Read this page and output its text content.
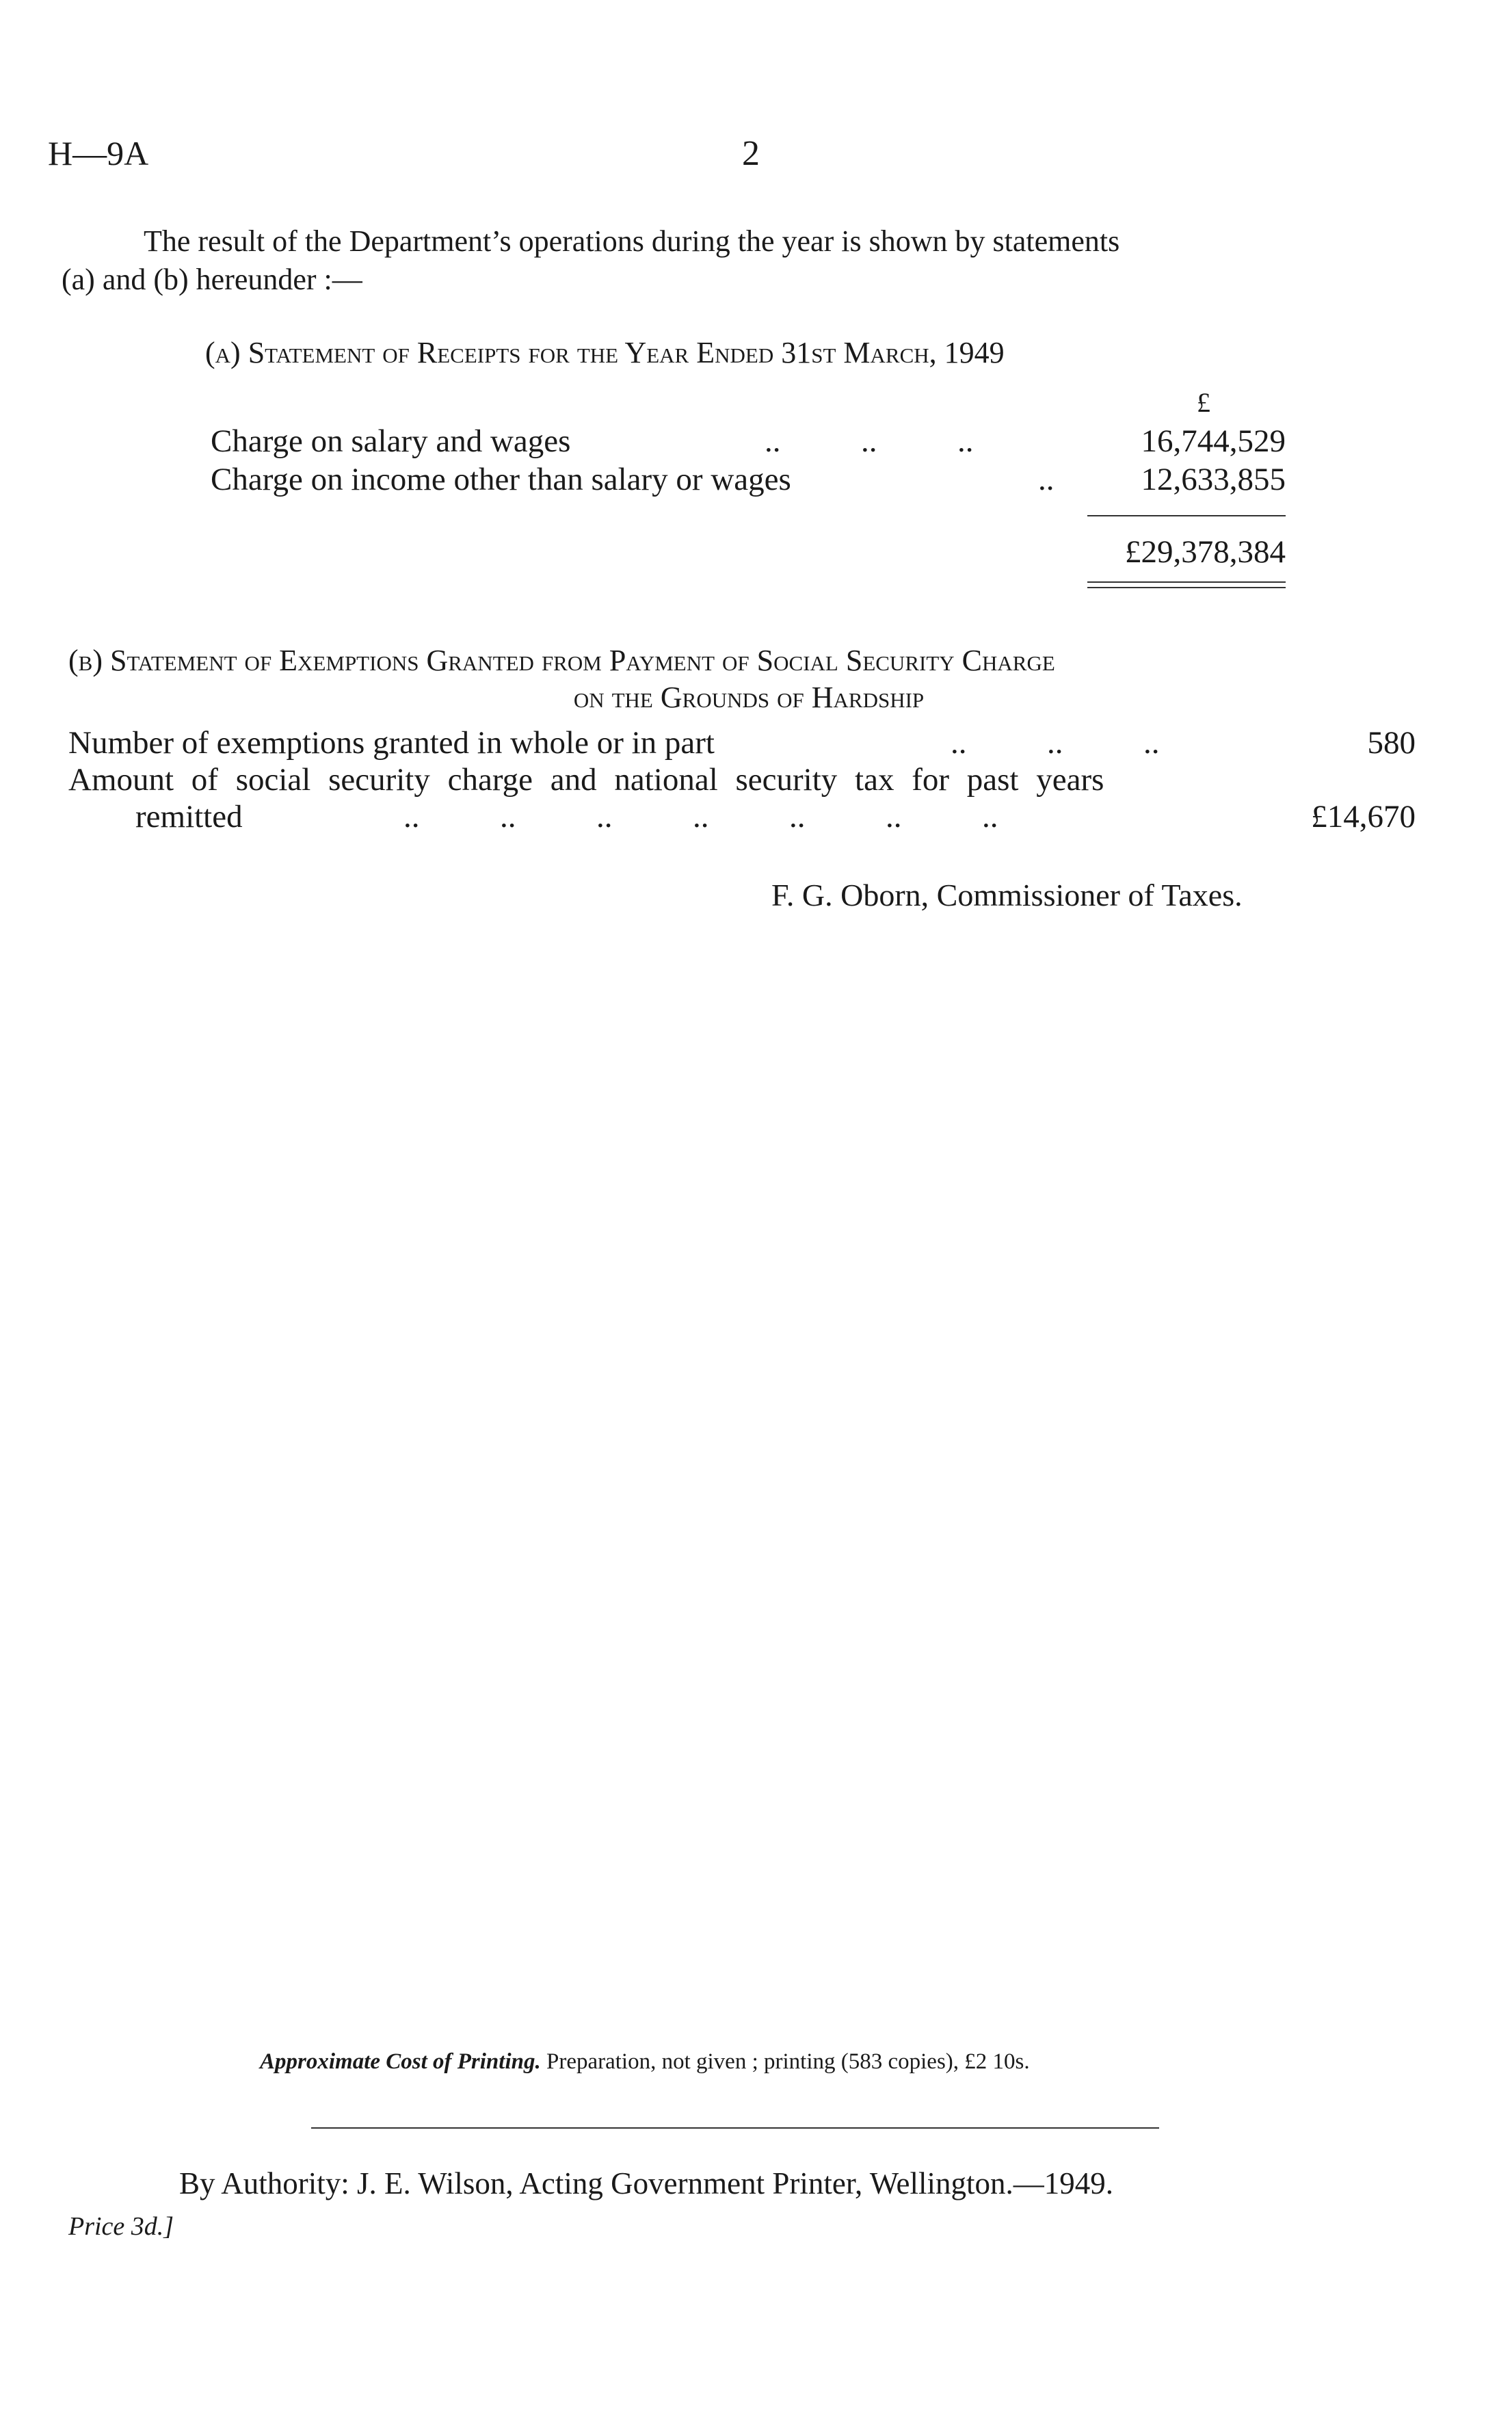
H—9A	2
The result of the Department’s operations during the year is shown by statements
(a) and (b) hereunder :—
(a) Statement of Receipts for the Year Ended 31st March, 1949
£
Charge on salary and wages	..          ..          ..	16,744,529
Charge on income other than salary or wages	..	12,633,855
£29,378,384
(b) Statement of Exemptions Granted from Payment of Social Security Charge
on the Grounds of Hardship
Number of exemptions granted in whole or in part	..          ..          ..	580
Amount of social security charge and national security tax for past years
remitted	..          ..          ..          ..          ..          ..          ..	£14,670
F. G. Oborn, Commissioner of Taxes.
Approximate Cost of Printing. Preparation, not given ; printing (583 copies), £2 10s.
By Authority: J. E. Wilson, Acting Government Printer, Wellington.—1949.
Price 3d.]
